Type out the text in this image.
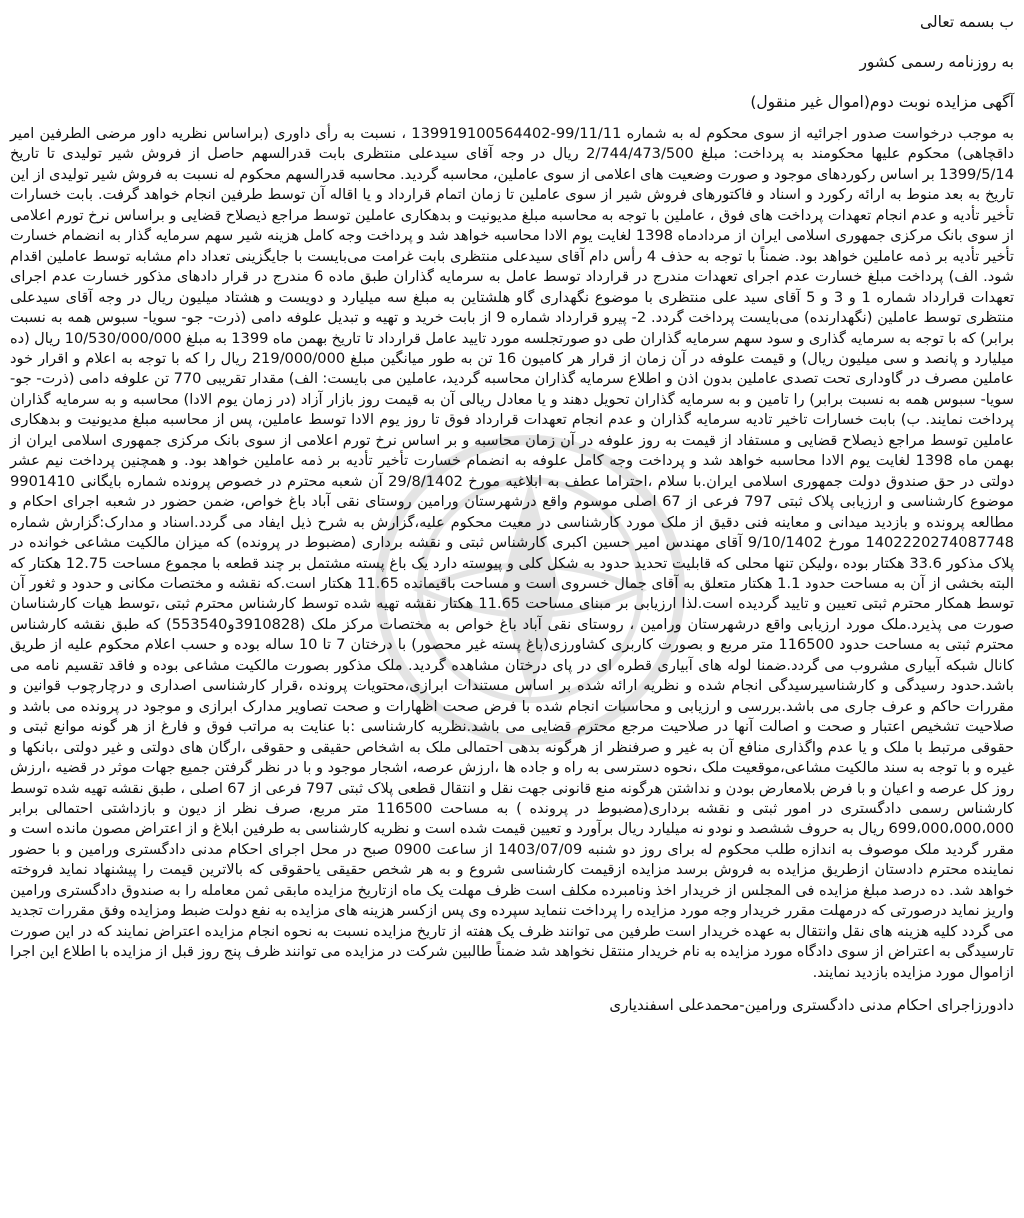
ب بسمه تعالی
به روزنامه رسمی کشور
آگهی مزایده نوبت دوم(اموال غیر منقول)
به موجب درخواست صدور اجرائیه از سوی محکوم له به شماره 99/11/11-139919100564402 ، نسبت به رأی داوری (براساس نظریه داور مرضی الطرفین امیر داقچاهی) محکوم علیها محکومند به پرداخت: مبلغ 2/744/473/500 ریال در وجه آقای سیدعلی منتظری بابت قدرالسهم حاصل از فروش شیر تولیدی تا تاریخ 1399/5/14 بر اساس رکوردهای موجود و صورت وضعیت های اعلامی از سوی عاملین، محاسبه گردید. محاسبه قدرالسهم محکوم له نسبت به فروش شیر تولیدی از این تاریخ به بعد منوط به ارائه رکورد و اسناد و فاکتورهای فروش شیر از سوی عاملین تا زمان اتمام قرارداد و یا اقاله آن توسط طرفین انجام خواهد گرفت. بابت خسارات تأخیر تأدیه و عدم انجام تعهدات پرداخت های فوق ، عاملین با توجه به محاسبه مبلغ مدیونیت و بدهکاری عاملین توسط مراجع ذیصلاح قضایی و براساس نرخ تورم اعلامی از سوی بانک مرکزی جمهوری اسلامی ایران از مردادماه 1398 لغایت یوم الادا محاسبه خواهد شد و پرداخت وجه کامل هزینه شیر سهم سرمایه گذار به انضمام خسارت تأخیر تأدیه بر ذمه عاملین خواهد بود. ضمناً با توجه به حذف 4 رأس دام آقای سیدعلی منتظری بابت غرامت می‌بایست با جایگزینی تعداد دام مشابه توسط عاملین اقدام شود. الف) پرداخت مبلغ خسارت عدم اجرای تعهدات مندرج در قرارداد توسط عامل به سرمایه گذاران طبق ماده 6 مندرج در قرار دادهای مذکور خسارت عدم اجرای تعهدات قرارداد شماره 1 و 3 و 5 آقای سید علی منتظری با موضوع نگهداری گاو هلشتاین به مبلغ سه میلیارد و دویست و هشتاد میلیون ریال در وجه آقای سیدعلی منتظری توسط عاملین (نگهدارنده) می‌بایست پرداخت گردد. 2- پیرو قرارداد شماره 9 از بابت خرید و تهیه و تبدیل علوفه دامی (ذرت- جو- سویا- سبوس همه به نسبت برابر) که با توجه به سرمایه گذاری و سود سهم سرمایه گذاران طی دو صورتجلسه مورد تایید عامل قرارداد تا تاریخ بهمن ماه 1399 به مبلغ 10/530/000/000 ریال (ده میلیارد و پانصد و سی میلیون ریال) و قیمت علوفه در آن زمان از قرار هر کامیون 16 تن به طور میانگین مبلغ 219/000/000 ریال را که با توجه به اعلام و اقرار خود عاملین مصرف در گاوداری تحت تصدی عاملین بدون اذن و اطلاع سرمایه گذاران محاسبه گردید، عاملین می بایست: الف) مقدار تقریبی 770 تن علوفه دامی (ذرت- جو- سویا- سبوس همه به نسبت برابر) را تامین و به سرمایه گذاران تحویل دهند و یا معادل ریالی آن به قیمت روز بازار آزاد (در زمان یوم الادا) محاسبه و به سرمایه گذاران پرداخت نمایند. ب) بابت خسارات تاخیر تادیه سرمایه گذاران و عدم انجام تعهدات قرارداد فوق تا روز یوم الادا توسط عاملین، پس از محاسبه مبلغ مدیونیت و بدهکاری عاملین توسط مراجع ذیصلاح قضایی و مستفاد از قیمت به روز علوفه در آن زمان محاسبه و بر اساس نرخ تورم اعلامی از سوی بانک مرکزی جمهوری اسلامی ایران از بهمن ماه 1398 لغایت یوم الادا محاسبه خواهد شد و پرداخت وجه کامل علوفه به انضمام خسارت تأخیر تأدیه بر ذمه عاملین خواهد بود. و همچنین پرداخت نیم عشر دولتی در حق صندوق دولت جمهوری اسلامی ایران.با سلام ،احتراما عطف به ابلاغیه مورخ 29/8/1402 آن شعبه محترم در خصوص پرونده شماره بایگانی 9901410 موضوع کارشناسی و ارزیابی پلاک ثبتی 797 فرعی از 67 اصلی موسوم واقع درشهرستان ورامین روستای نقی آباد باغ خواص، ضمن حضور در شعبه اجرای احکام و مطالعه پرونده و بازدید میدانی و معاینه فنی دقیق از ملک مورد کارشناسی در معیت محکوم علیه،گزارش به شرح ذیل ایفاد می گردد.اسناد و مدارک:گزارش شماره 1402220274087748 مورخ 9/10/1402 آقای مهندس امیر حسین اکبری کارشناس ثبتی و نقشه برداری (مضبوط در پرونده) که میزان مالکیت مشاعی خوانده در پلاک مذکور 33.6 هکتار بوده ،ولیکن تنها محلی که قابلیت تحدید حدود به شکل کلی و پیوسته دارد یک باغ پسته مشتمل بر چند قطعه با مجموع مساحت 12.75 هکتار که البته بخشی از آن به مساحت حدود 1.1 هکتار متعلق به آقای جمال خسروی است و مساحت باقیمانده 11.65 هکتار است.که نقشه و مختصات مکانی و حدود و ثغور آن توسط همکار محترم ثبتی تعیین و تایید گردیده است.لذا ارزیابی بر مبنای مساحت 11.65 هکتار نقشه تهیه شده توسط کارشناس محترم ثبتی ،توسط هیات کارشناسان صورت می پذیرد.ملک مورد ارزیابی واقع درشهرستان ورامین ، روستای نقی آباد باغ خواص به مختصات مرکز ملک (3910828و553540) که طبق نقشه کارشناس محترم ثبتی به مساحت حدود 116500 متر مربع و بصورت کاربری کشاورزی(باغ پسته غیر محصور) با درختان 7 تا 10 ساله بوده و حسب اعلام محکوم علیه از طریق کانال شبکه آبیاری مشروب می گردد.ضمنا لوله های آبیاری قطره ای در پای درختان مشاهده گردید. ملک مذکور بصورت مالکیت مشاعی بوده و فاقد تقسیم نامه می باشد.حدود رسیدگی و کارشناسیرسیدگی انجام شده و نظریه ارائه شده بر اساس مستندات ابرازی،محتویات پرونده ،قرار کارشناسی اصداری و درچارچوب قوانین و مقررات حاکم و عرف جاری می باشد.بررسی و ارزیابی و محاسبات انجام شده با فرض صحت اظهارات و صحت تصاویر مدارک ابرازی و موجود در پرونده می باشد و صلاحیت تشخیص اعتبار و صحت و اصالت آنها در صلاحیت مرجع محترم قضایی می باشد.نظریه کارشناسی :با عنایت به مراتب فوق و فارغ از هر گونه موانع ثبتی و حقوقی مرتبط با ملک و یا عدم واگذاری منافع آن به غیر و صرفنظر از هرگونه بدهی احتمالی ملک به اشخاص حقیقی و حقوقی ،ارگان های دولتی و غیر دولتی ،بانکها و غیره و با توجه به سند مالکیت مشاعی،موقعیت ملک ،نحوه دسترسی به راه و جاده ها ،ارزش عرصه، اشجار موجود و با در نظر گرفتن جمیع جهات موثر در قضیه ،ارزش روز کل عرصه و اعیان و با فرض بلامعارض بودن و نداشتن هرگونه منع قانونی جهت نقل و انتقال قطعی پلاک ثبتی 797 فرعی از 67 اصلی ، طبق نقشه تهیه شده توسط کارشناس رسمی دادگستری در امور ثبتی و نقشه برداری(مضبوط در پرونده ) به مساحت 116500 متر مربع، صرف نظر از دیون و بازداشتی احتمالی برابر 699،000،000،000 ریال به حروف ششصد و نودو نه میلیارد ریال برآورد و تعیین قیمت شده است و نظریه کارشناسی به طرفین ابلاغ و از اعتراض مصون مانده است و مقرر گردید ملک موصوف به اندازه طلب محکوم له برای روز دو شنبه 1403/07/09 از ساعت 0900 صبح در محل اجرای احکام مدنی دادگستری ورامین و با حضور نماینده محترم دادستان ازطریق مزایده به فروش برسد مزایده ازقیمت کارشناسی شروع و به هر شخص حقیقی یاحقوقی که بالاترین قیمت را پیشنهاد نماید فروخته خواهد شد. ده درصد مبلغ مزایده فی المجلس از خریدار اخذ ونامبرده مکلف است ظرف مهلت یک ماه ازتاریخ مزایده مابقی ثمن معامله را به صندوق دادگستری ورامین واریز نماید درصورتی که درمهلت مقرر خریدار وجه مورد مزایده را پرداخت ننماید سپرده وی پس ازکسر هزینه های مزایده به نفع دولت ضبط ومزایده وفق مقررات تجدید می گردد کلیه هزینه های نقل وانتقال به عهده خریدار است طرفین می توانند ظرف یک هفته از تاریخ مزایده نسبت به نحوه انجام مزایده اعتراض نمایند که در این صورت تارسیدگی به اعتراض از سوی دادگاه مورد مزایده به نام خریدار منتقل نخواهد شد ضمناً طالبین شرکت در مزایده می توانند ظرف پنج روز قبل از مزایده با اطلاع این اجرا ازاموال مورد مزایده بازدید نمایند.
دادورزاجرای احکام مدنی دادگستری ورامین-محمدعلی اسفندیاری
